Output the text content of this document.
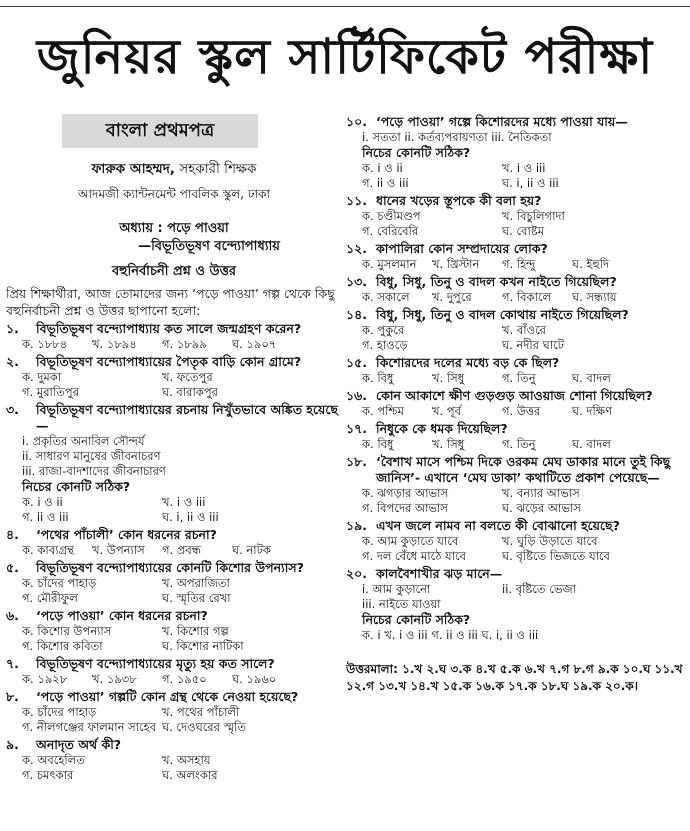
জুনিয়র স্কুল সার্টিফিকেট পরীক্ষা
বাংলা প্রথমপত্র
ফারুক আহম্মদ, সহকারী শিক্ষক
আদমজী ক্যান্টনমেন্ট পাবলিক স্কুল, ঢাকা
অধ্যায় : পড়ে পাওয়া
—বিভূতিভূষণ বন্দ্যোপাধ্যায়
বহুনির্বাচনী প্রশ্ন ও উত্তর
প্রিয় শিক্ষার্থীরা, আজ তোমাদের জন্য ‘পড়ে পাওয়া’ গল্প থেকে কিছু বহুনির্বাচনী প্রশ্ন ও উত্তর ছাপানো হলো:
১.	বিভূতিভূষণ বন্দ্যোপাধ্যায় কত সালে জন্মগ্রহণ করেন?
ক. ১৮৮৪	খ. ১৮৯৪	গ. ১৮৯৯	ঘ. ১৯০৭
২.	বিভূতিভূষণ বন্দ্যোপাধ্যায়ের পৈতৃক বাড়ি কোন গ্রামে?
ক. দুমকা	খ. ফতেপুর
গ. মুরাতিপুর	ঘ. বারাকপুর
৩.	বিভূতিভূষণ বন্দ্যোপাধ্যায়ের রচনায় নিখুঁতভাবে অঙ্কিত হয়েছে—
i. প্রকৃতির অনাবিল সৌন্দর্য
ii. সাধারণ মানুষের জীবনাচরণ
iii. রাজা-বাদশাদের জীবনাচারণ
নিচের কোনটি সঠিক?
ক. i ও ii	খ. i ও iii
গ. ii ও iii	ঘ. i, ii ও iii
৪.	‘পথের পাঁচালী’ কোন ধরনের রচনা?
ক. কাব্যগ্রন্থ	খ. উপন্যাস	গ. প্রবন্ধ	ঘ. নাটক
৫.	বিভূতিভূষণ বন্দ্যোপাধ্যায়ের কোনটি কিশোর উপন্যাস?
ক. চাঁদের পাহাড়	খ. অপরাজিতা
গ. মৌরীফুল	ঘ. স্মৃতির রেখা
৬.	‘পড়ে পাওয়া’ কোন ধরনের রচনা?
ক. কিশোর উপন্যাস	খ. কিশোর গল্প
গ. কিশোর কবিতা	ঘ. কিশোর নাটিকা
৭.	বিভূতিভূষণ বন্দ্যোপাধ্যায়ের মৃত্যু হয় কত সালে?
ক. ১৯২৮	খ. ১৯৩৮	গ. ১৯৫০	ঘ. ১৯৬০
৮.	‘পড়ে পাওয়া’ গল্পটি কোন গ্রন্থ থেকে নেওয়া হয়েছে?
ক. চাঁদের পাহাড়	খ. পথের পাঁচালী
গ. নীলগঞ্জের ফালমান সাহেব ঘ. দেওঘরের স্মৃতি
৯.	অনাদৃত অর্থ কী?
ক. অবহেলিত	খ. অসহায়
গ. চমৎকার	ঘ. অলংকার
১০. ‘পড়ে পাওয়া’ গল্পে কিশোরদের মধ্যে পাওয়া যায়—
i. সততা ii. কর্তব্যপরায়ণতা iii. নৈতিকতা
নিচের কোনটি সঠিক?
ক. i ও ii	খ. i ও iii
গ. ii ও iii	ঘ. i, ii ও iii
১১. ধানের খড়ের স্তূপকে কী বলা হয়?
ক. চণ্ডীমণ্ডপ	খ. বিচুলিগাদা
গ. বেরিবেরি	ঘ. বোষ্টম
১২. কাপালিরা কোন সম্প্রদায়ের লোক?
ক. মুসলমান	খ. খ্রিস্টান	গ. হিন্দু	ঘ. ইহুদি
১৩. বিধু, সিধু, তিনু ও বাদল কখন নাইতে গিয়েছিল?
ক. সকালে	খ. দুপুরে	গ. বিকালে	ঘ. সন্ধ্যায়
১৪. বিধু, সিধু, তিনু ও বাদল কোথায় নাইতে গিয়েছিল?
ক. পুকুরে	খ. বাঁওরে
গ. হাওড়ে	ঘ. নদীর ঘাটে
১৫. কিশোরদের দলের মধ্যে বড় কে ছিল?
ক. বিধু	খ. সিধু	গ. তিনু	ঘ. বাদল
১৬. কোন আকাশে ক্ষীণ গুড়গুড় আওয়াজ শোনা গিয়েছিল?
ক. পশ্চিম	খ. পূর্ব	গ. উত্তর	ঘ. দক্ষিণ
১৭. নিধুকে কে ধমক দিয়েছিল?
ক. বিধু	খ. সিধু	গ. তিনু	ঘ. বাদল
১৮. ‘বৈশাখ মাসে পশ্চিম দিকে ওরকম মেঘ ডাকার মানে তুই কিছু জানিস’- এখানে ‘মেঘ ডাকা’ কথাটিতে প্রকাশ পেয়েছে—
ক. ঝগড়ার আভাস	খ. বন্যার আভাস
গ. বিপদের আভাস	ঘ. ঝড়ের আভাস
১৯. এখন জলে নামব না বলতে কী বোঝানো হয়েছে?
ক. আম কুড়াতে যাবে	খ. ঘুড়ি উড়াতে যাবে
গ. দল বেঁধে মাঠে যাবে	ঘ. বৃষ্টিতে ভিজতে যাবে
২০. কালবৈশাখীর ঝড় মানে—
i. আম কুড়ানো	ii. বৃষ্টিতে ভেজা
iii. নাইতে যাওয়া
নিচের কোনটি সঠিক?
ক. i খ. i ও iii গ. ii ও iii ঘ. i, ii ও iii
উত্তরমালা: ১.খ ২.ঘ ৩.ক ৪.খ ৫.ক ৬.খ ৭.গ ৮.গ ৯.ক ১০.ঘ ১১.খ ১২.গ ১৩.খ ১৪.খ ১৫.ক ১৬.ক ১৭.ক ১৮.ঘ ১৯.ক ২০.ক।
